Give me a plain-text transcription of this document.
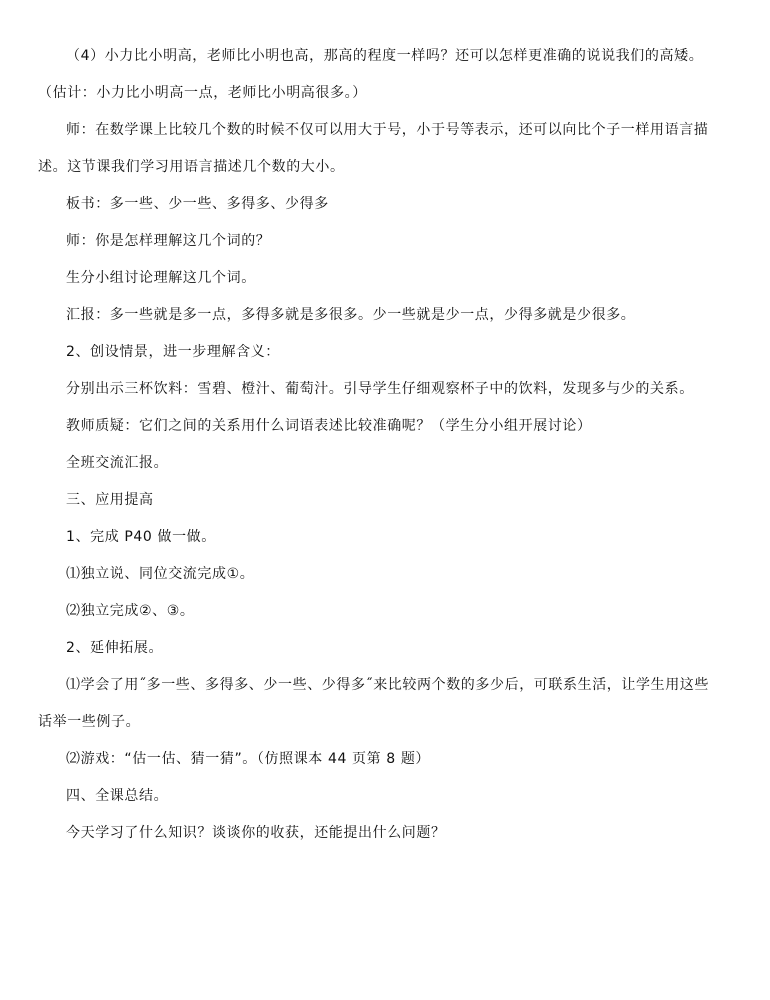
（4）小力比小明高，老师比小明也高，那高的程度一样吗？还可以怎样更准确的说说我们的高矮。（估计：小力比小明高一点，老师比小明高很多。）

师：在数学课上比较几个数的时候不仅可以用大于号，小于号等表示，还可以向比个子一样用语言描述。这节课我们学习用语言描述几个数的大小。

板书：多一些、少一些、多得多、少得多

师：你是怎样理解这几个词的？

生分小组讨论理解这几个词。

汇报：多一些就是多一点，多得多就是多很多。少一些就是少一点，少得多就是少很多。

2、创设情景，进一步理解含义：

分别出示三杯饮料：雪碧、橙汁、葡萄汁。引导学生仔细观察杯子中的饮料，发现多与少的关系。

教师质疑：它们之间的关系用什么词语表述比较准确呢？（学生分小组开展讨论）

全班交流汇报。

三、应用提高

1、完成 P40 做一做。

⑴独立说、同位交流完成①。

⑵独立完成②、③。

2、延伸拓展。

⑴学会了用˝多一些、多得多、少一些、少得多˝来比较两个数的多少后，可联系生活，让学生用这些话举一些例子。

⑵游戏：“估一估、猜一猜”。（仿照课本 44 页第 8 题）

四、全课总结。

今天学习了什么知识？谈谈你的收获，还能提出什么问题？
